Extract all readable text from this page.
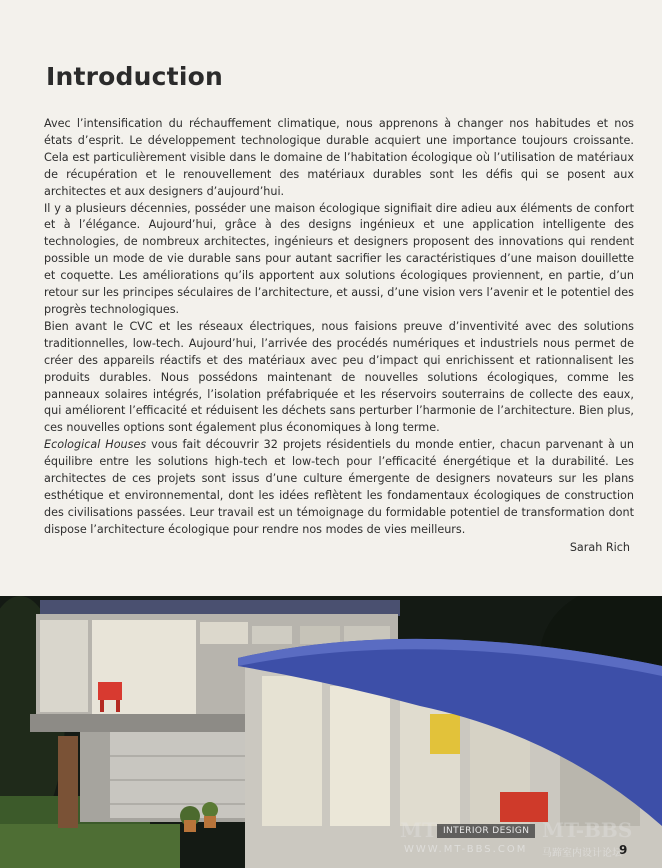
Introduction

Avec l’intensification du réchauffement climatique, nous apprenons à changer nos habitudes et nos états d’esprit. Le développement technologique durable acquiert une importance toujours croissante. Cela est particulièrement visible dans le domaine de l’habitation écologique où l’utilisation de matériaux de récupération et le renouvellement des matériaux durables sont les défis qui se posent aux architectes et aux designers d’aujourd’hui.

Il y a plusieurs décennies, posséder une maison écologique signifiait dire adieu aux éléments de confort et à l’élégance. Aujourd’hui, grâce à des designs ingénieux et une application intelligente des technologies, de nombreux architectes, ingénieurs et designers proposent des innovations qui rendent possible un mode de vie durable sans pour autant sacrifier les caractéristiques d’une maison douillette et coquette. Les améliorations qu’ils apportent aux solutions écologiques proviennent, en partie, d’un retour sur les principes séculaires de l’architecture, et aussi, d’une vision vers l’avenir et le potentiel des progrès technologiques.

Bien avant le CVC et les réseaux électriques, nous faisions preuve d’inventivité avec des solutions traditionnelles, low-tech. Aujourd’hui, l’arrivée des procédés numériques et industriels nous permet de créer des appareils réactifs et des matériaux avec peu d’impact qui enrichissent et rationnalisent les produits durables. Nous possédons maintenant de nouvelles solutions écologiques, comme les panneaux solaires intégrés, l’isolation préfabriquée et les réservoirs souterrains de collecte des eaux, qui améliorent l’efficacité et réduisent les déchets sans perturber l’harmonie de l’architecture. Bien plus, ces nouvelles options sont également plus économiques à long terme.

Ecological Houses vous fait découvrir 32 projets résidentiels du monde entier, chacun parvenant à un équilibre entre les solutions high-tech et low-tech pour l’efficacité énergétique et la durabilité. Les architectes de ces projets sont issus d’une culture émergente de designers novateurs sur les plans esthétique et environnemental, dont les idées reflètent les fondamentaux écologiques de construction des civilisations passées. Leur travail est un témoignage du formidable potentiel de transformation dont dispose l’architecture écologique pour rendre nos modes de vies meilleurs.

Sarah Rich
MT INTERIOR DESIGN MT-BBS
WWW.MT-BBS.COM 马蹄室内设计论坛
9
